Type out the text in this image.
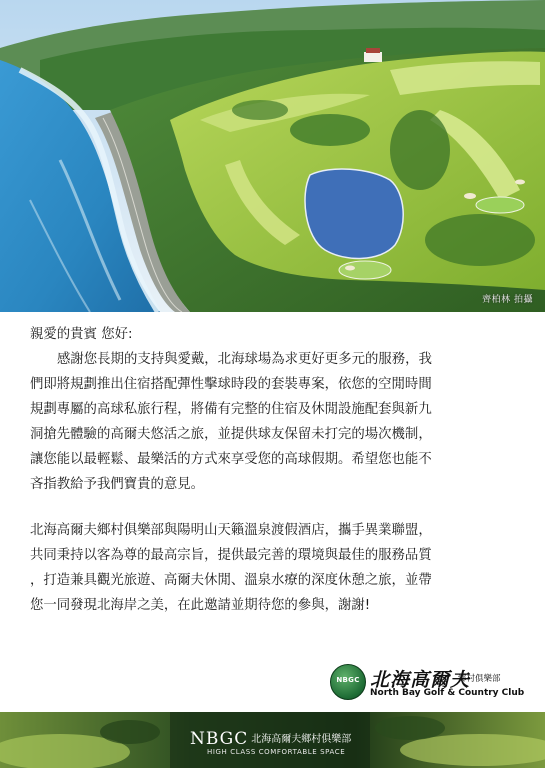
齊柏林 拍攝

親愛的貴賓 您好:

感謝您長期的支持與愛戴，北海球場為求更好更多元的服務，我

們即將規劃推出住宿搭配彈性擊球時段的套裝專案，依您的空閒時間

規劃專屬的高球私旅行程，將備有完整的住宿及休閒設施配套與新九

洞搶先體驗的高爾夫悠活之旅，並提供球友保留未打完的場次機制，

讓您能以最輕鬆、最樂活的方式來享受您的高球假期。希望您也能不

吝指教給予我們寶貴的意見。

北海高爾夫鄉村俱樂部與陽明山天籟溫泉渡假酒店，攜手異業聯盟，

共同秉持以客為尊的最高宗旨，提供最完善的環境與最佳的服務品質

，打造兼具觀光旅遊、高爾夫休閒、溫泉水療的深度休憩之旅，並帶

您一同發現北海岸之美，在此邀請並期待您的參與，謝謝!

NBGC 北海高爾夫
鄉村俱樂部
North Bay Golf & Country Club
NBGC 北海高爾夫鄉村俱樂部
HIGH CLASS COMFORTABLE SPACE
